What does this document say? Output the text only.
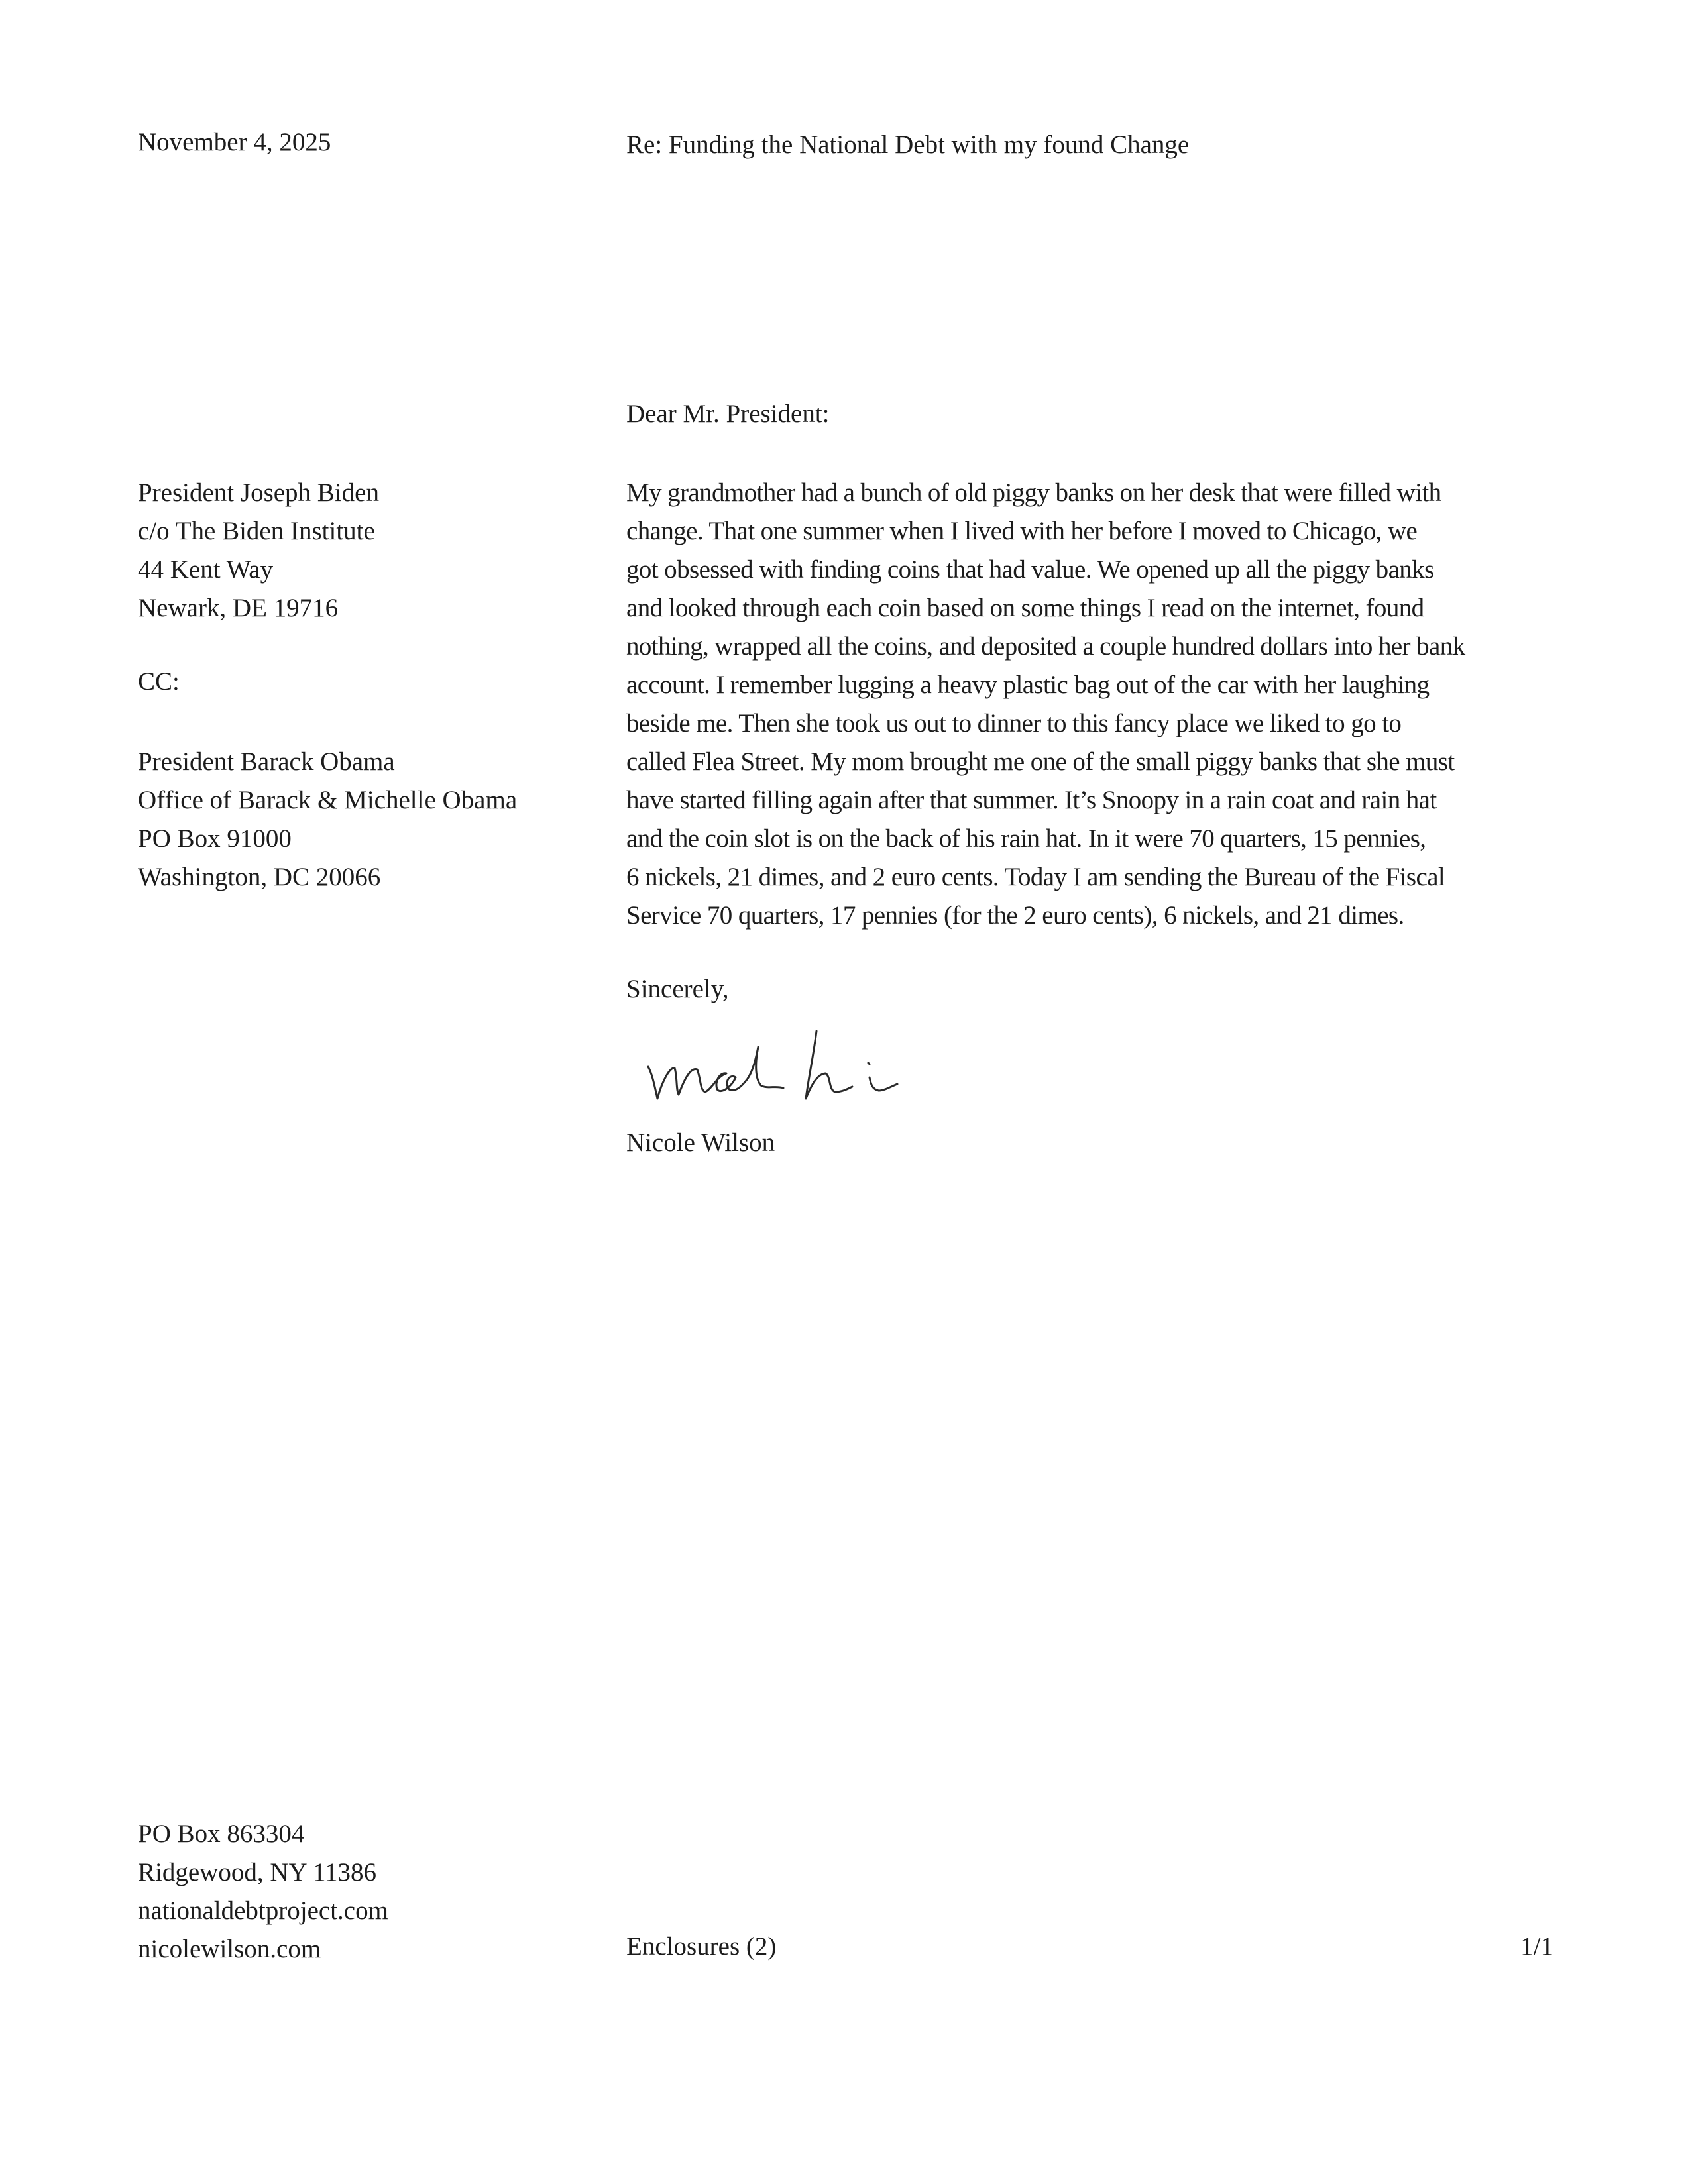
November 4, 2025	Re: Funding the National Debt with my found Change
Dear Mr. President:
President Joseph Biden
c/o The Biden Institute
44 Kent Way
Newark, DE 19716
CC:
President Barack Obama
Office of Barack & Michelle Obama
PO Box 91000
Washington, DC 20066
My grandmother had a bunch of old piggy banks on her desk that were filled with
change. That one summer when I lived with her before I moved to Chicago, we
got obsessed with finding coins that had value. We opened up all the piggy banks
and looked through each coin based on some things I read on the internet, found
nothing, wrapped all the coins, and deposited a couple hundred dollars into her bank
account. I remember lugging a heavy plastic bag out of the car with her laughing
beside me. Then she took us out to dinner to this fancy place we liked to go to
called Flea Street. My mom brought me one of the small piggy banks that she must
have started filling again after that summer. It’s Snoopy in a rain coat and rain hat
and the coin slot is on the back of his rain hat. In it were 70 quarters, 15 pennies,
6 nickels, 21 dimes, and 2 euro cents. Today I am sending the Bureau of the Fiscal
Service 70 quarters, 17 pennies (for the 2 euro cents), 6 nickels, and 21 dimes.
Sincerely,
Nicole Wilson
PO Box 863304
Ridgewood, NY 11386
nationaldebtproject.com
nicolewilson.com	Enclosures (2)	1/1
